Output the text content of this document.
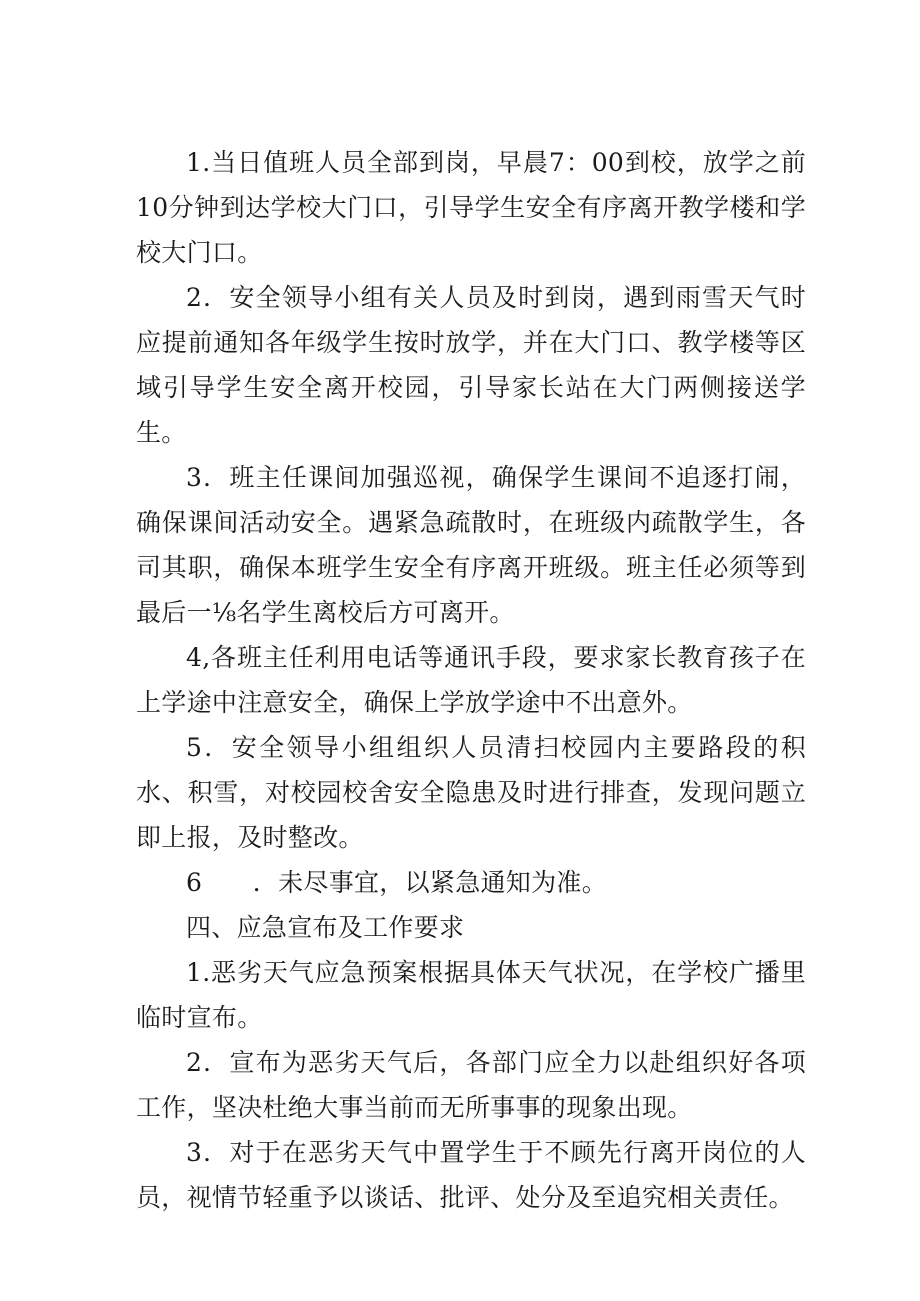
1.当日值班人员全部到岗，早晨7：00到校，放学之前10分钟到达学校大门口，引导学生安全有序离开教学楼和学校大门口。

2．安全领导小组有关人员及时到岗，遇到雨雪天气时应提前通知各年级学生按时放学，并在大门口、教学楼等区域引导学生安全离开校园，引导家长站在大门两侧接送学生。

3．班主任课间加强巡视，确保学生课间不追逐打闹，确保课间活动安全。遇紧急疏散时，在班级内疏散学生，各司其职，确保本班学生安全有序离开班级。班主任必须等到最后一⅛名学生离校后方可离开。

4,各班主任利用电话等通讯手段，要求家长教育孩子在上学途中注意安全，确保上学放学途中不出意外。

5．安全领导小组组织人员清扫校园内主要路段的积水、积雪，对校园校舍安全隐患及时进行排查，发现问题立即上报，及时整改。

6　　．未尽事宜，以紧急通知为准。

四、应急宣布及工作要求

1.恶劣天气应急预案根据具体天气状况，在学校广播里临时宣布。

2．宣布为恶劣天气后，各部门应全力以赴组织好各项工作，坚决杜绝大事当前而无所事事的现象出现。

3．对于在恶劣天气中置学生于不顾先行离开岗位的人员，视情节轻重予以谈话、批评、处分及至追究相关责任。
